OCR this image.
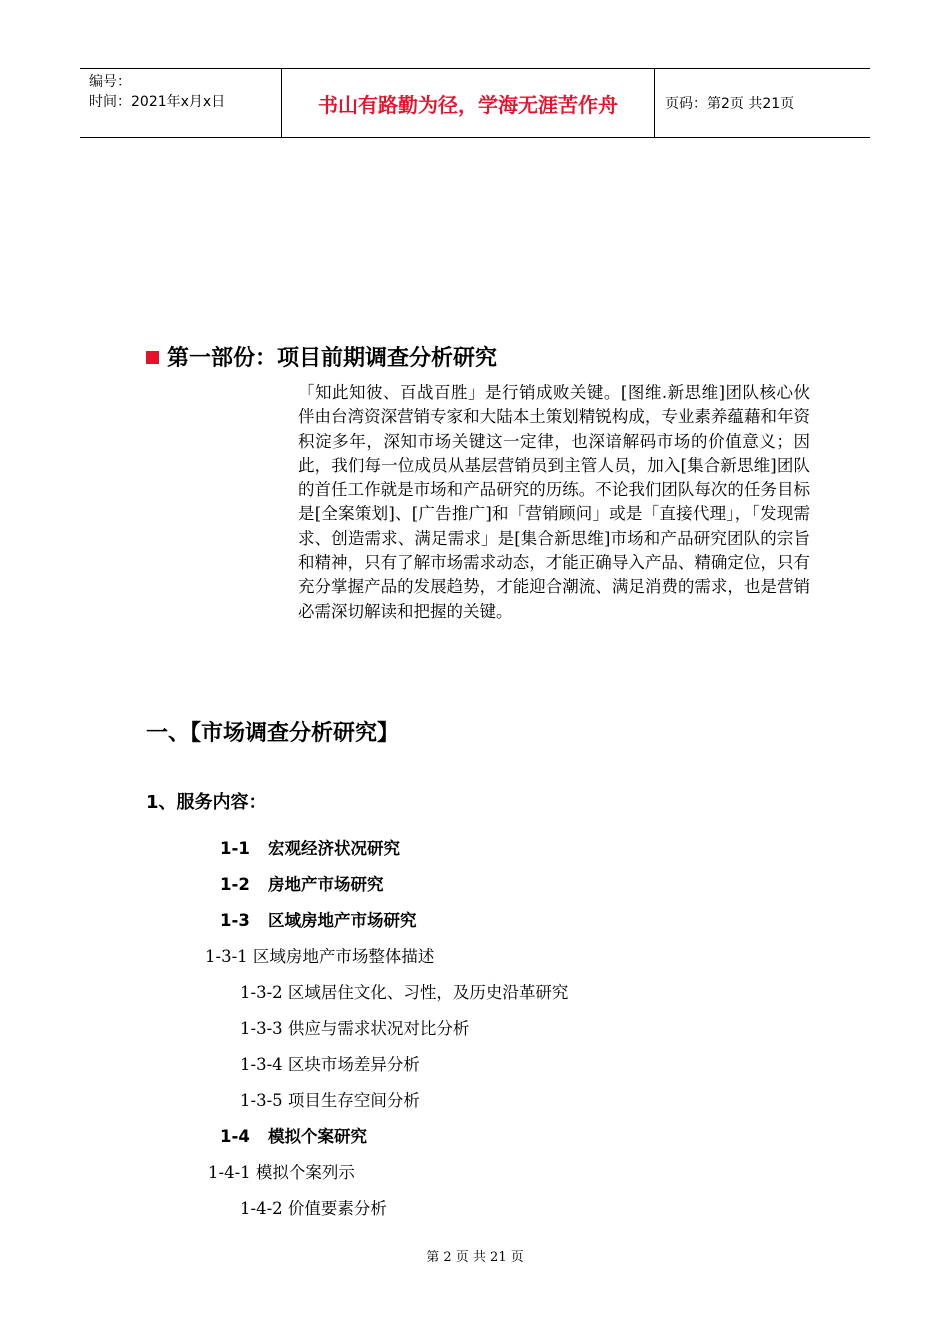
编号：
时间：2021年x月x日	书山有路勤为径，学海无涯苦作舟	页码：第2页 共21页
第一部份：项目前期调查分析研究
「知此知彼、百战百胜」是行销成败关键。[图维.新思维]团队核心伙伴由台湾资深营销专家和大陆本土策划精锐构成，专业素养蕴藉和年资积淀多年，深知市场关键这一定律，也深谙解码市场的价值意义；因此，我们每一位成员从基层营销员到主管人员，加入[集合新思维]团队的首任工作就是市场和产品研究的历练。不论我们团队每次的任务目标是[全案策划]、[广告推广]和「营销顾问」或是「直接代理」，「发现需求、创造需求、满足需求」是[集合新思维]市场和产品研究团队的宗旨和精神，只有了解市场需求动态，才能正确导入产品、精确定位，只有充分掌握产品的发展趋势，才能迎合潮流、满足消费的需求，也是营销必需深切解读和把握的关键。
一、【市场调查分析研究】
1、服务内容：
1-1 宏观经济状况研究
1-2 房地产市场研究
1-3 区域房地产市场研究
1-3-1 区域房地产市场整体描述
1-3-2 区域居住文化、习性，及历史沿革研究
1-3-3 供应与需求状况对比分析
1-3-4 区块市场差异分析
1-3-5 项目生存空间分析
1-4 模拟个案研究
1-4-1 模拟个案列示
1-4-2 价值要素分析
第 2 页 共 21 页
